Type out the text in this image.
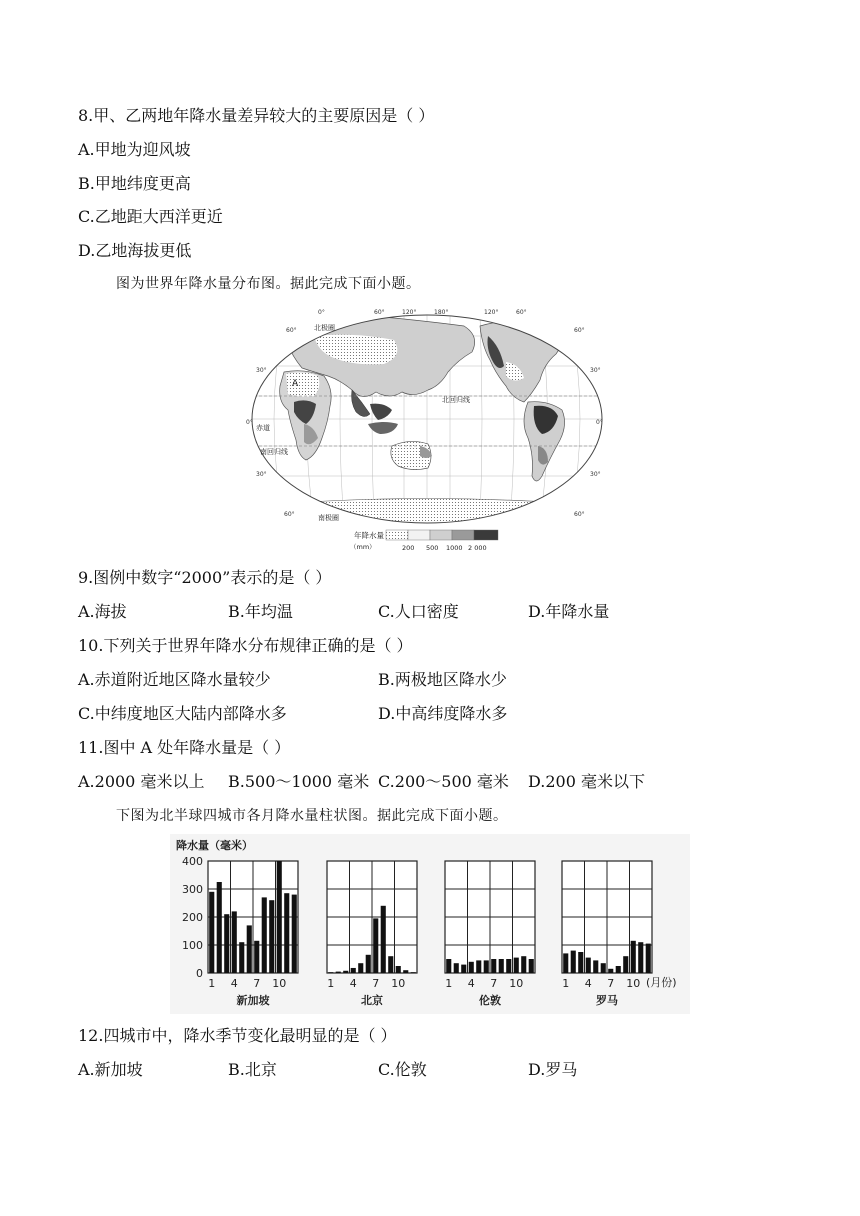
8.甲、乙两地年降水量差异较大的主要原因是（ ）
A.甲地为迎风坡
B.甲地纬度更高
C.乙地距大西洋更近
D.乙地海拔更低
图为世界年降水量分布图。据此完成下面小题。
0°	60°	120°	180°	120°	60°
60°
30°
0°
30°
60°
60°
30°
0°
30°
60°
北极圈
A
赤道
南回归线
北回归线
南极圈
年降水量
（mm）	200 500 1000 2 000
9.图例中数字“2000”表示的是（ ）
A.海拔	B.年均温	C.人口密度	D.年降水量
10.下列关于世界年降水分布规律正确的是（ ）
A.赤道附近地区降水量较少	B.两极地区降水少
C.中纬度地区大陆内部降水多	D.中高纬度降水多
11.图中 A 处年降水量是（ ）
A.2000 毫米以上 B.500～1000 毫米 C.200～500 毫米 D.200 毫米以下
下图为北半球四城市各月降水量柱状图。据此完成下面小题。
降水量（毫米）
400
300
200
100
0
1 4 7 10
新加坡
1 4 7 10
北京
1 4 7 10
伦敦
1 4 7 10
罗马
(月份)
12.四城市中，降水季节变化最明显的是（ ）
A.新加坡	B.北京	C.伦敦	D.罗马
